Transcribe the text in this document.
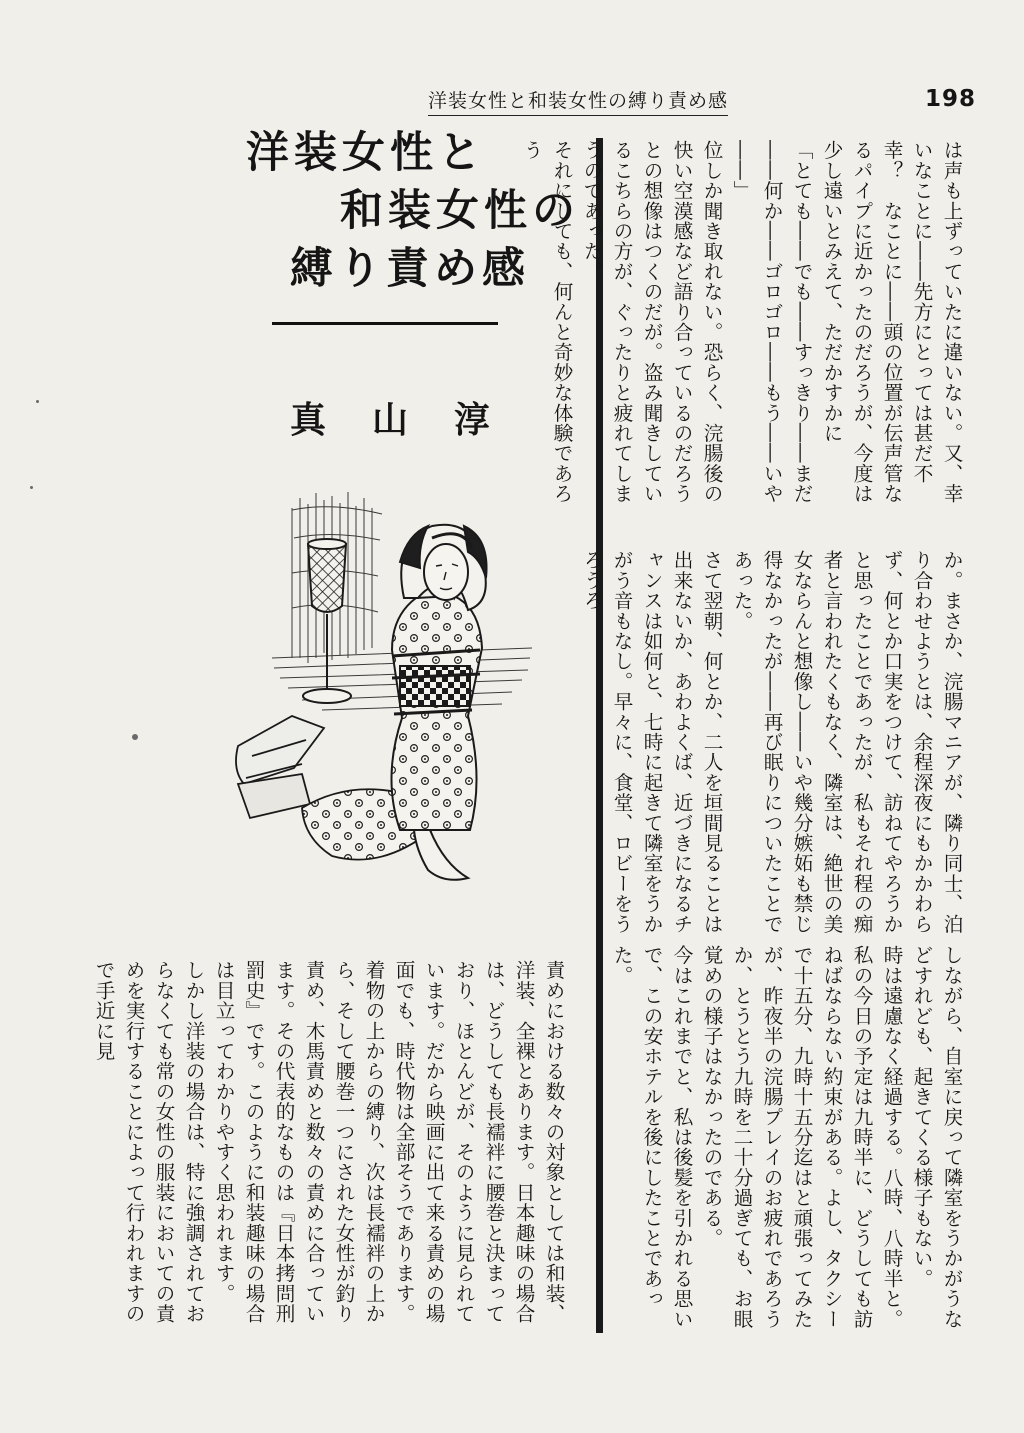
洋装女性と和装女性の縛り責め感	198
洋装女性と
和装女性の
縛り責め感
真 山 淳	は声も上ずっていたに違いない。又、幸いなことに――先方にとっては甚だ不幸？　なことに――頭の位置が伝声管なるパイプに近かったのだろうが、今度は少し遠いとみえて、ただかすかに

「とても――でも――すっきり――まだ――何か――ゴロゴロ――もう――いや――」

位しか聞き取れない。恐らく、浣腸後の快い空漠感など語り合っているのだろうとの想像はつくのだが。盗み聞きしているこちらの方が、ぐったりと疲れてしまうのであった。

それにしても、何んと奇妙な体験であろう

か。まさか、浣腸マニアが、隣り同士、泊り合わせようとは、余程深夜にもかかわらず、何とか口実をつけて、訪ねてやろうかと思ったことであったが、私もそれ程の痴者と言われたくもなく、隣室は、絶世の美女ならんと想像し――いや幾分嫉妬も禁じ得なかったが――再び眠りについたことであった。

さて翌朝、何とか、二人を垣間見ることは出来ないか、あわよくば、近づきになるチャンスは如何と、七時に起きて隣室をうかがう音もなし。早々に、食堂、ロビーをうろうろ

しながら、自室に戻って隣室をうかがうなどすれども、起きてくる様子もない。

時は遠慮なく経過する。八時、八時半と。私の今日の予定は九時半に、どうしても訪ねばならない約束がある。よし、タクシーで十五分、九時十五分迄はと頑張ってみたが、昨夜半の浣腸プレイのお疲れであろうか、とうとう九時を二十分過ぎても、お眼覚めの様子はなかったのである。

今はこれまでと、私は後髪を引かれる思いで、この安ホテルを後にしたことであった。

責めにおける数々の対象としては和装、洋装、全裸とあります。日本趣味の場合は、どうしても長襦袢に腰巻と決まっており、ほとんどが、そのように見られています。だから映画に出て来る責めの場面でも、時代物は全部そうであります。着物の上からの縛り、次は長襦袢の上から、そして腰巻一つにされた女性が釣り責め、木馬責めと数々の責めに合っています。その代表的なものは『日本拷問刑罰史』です。このように和装趣味の場合は目立ってわかりやすく思われます。

しかし洋装の場合は、特に強調されておらなくても常の女性の服装においての責めを実行することによって行われますので手近に見
